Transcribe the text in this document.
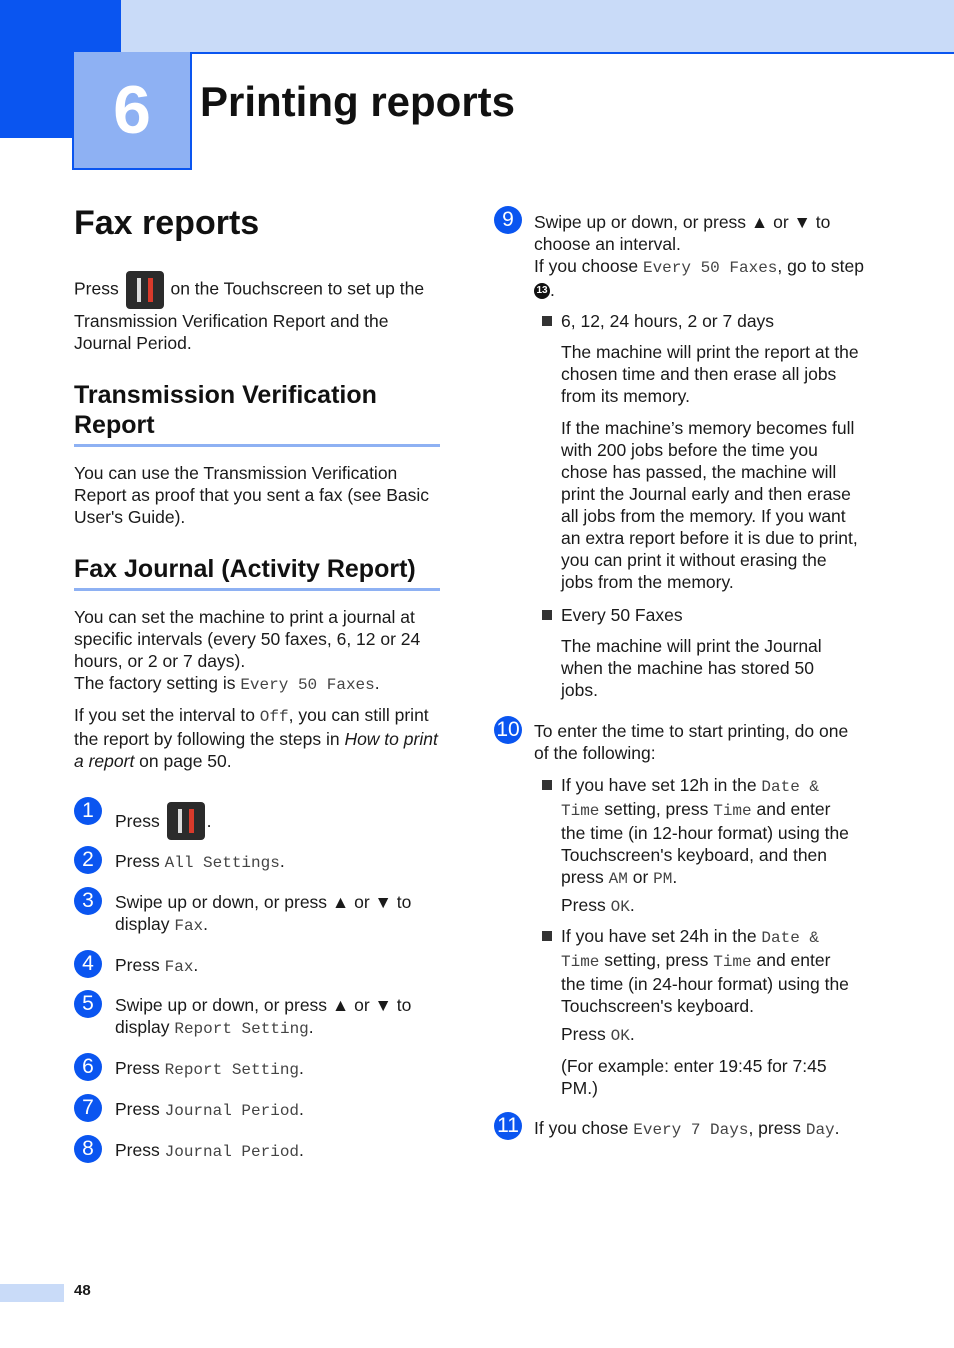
6	Printing reports
Fax reports

Press	on the Touchscreen to set up the

Transmission Verification Report and the Journal Period.

Transmission Verification Report

You can use the Transmission Verification Report as proof that you sent a fax (see Basic User's Guide).

Fax Journal (Activity Report)

You can set the machine to print a journal at specific intervals (every 50 faxes, 6, 12 or 24 hours, or 2 or 7 days).
The factory setting is Every 50 Faxes.

If you set the interval to Off, you can still print the report by following the steps in How to print a report on page 50.

1	Press	.

2	Press All Settings.

3	Swipe up or down, or press ▲ or ▼ to display Fax.

4	Press Fax.

5	Swipe up or down, or press ▲ or ▼ to display Report Setting.

6	Press Report Setting.

7	Press Journal Period.

8	Press Journal Period.

9	Swipe up or down, or press ▲ or ▼ to choose an interval.
If you choose Every 50 Faxes, go to step 13 .

6, 12, 24 hours, 2 or 7 days

The machine will print the report at the chosen time and then erase all jobs from its memory.

If the machine’s memory becomes full with 200 jobs before the time you chose has passed, the machine will print the Journal early and then erase all jobs from the memory. If you want an extra report before it is due to print, you can print it without erasing the jobs from the memory.

Every 50 Faxes

The machine will print the Journal when the machine has stored 50 jobs.

10 To enter the time to start printing, do one of the following:

If you have set 12h in the Date & Time setting, press Time and enter the time (in 12-hour format) using the Touchscreen's keyboard, and then press AM or PM.

Press OK.

If you have set 24h in the Date & Time setting, press Time and enter the time (in 24-hour format) using the Touchscreen's keyboard.

Press OK.

(For example: enter 19:45 for 7:45 PM.)

11 If you chose Every 7 Days, press Day.

48
